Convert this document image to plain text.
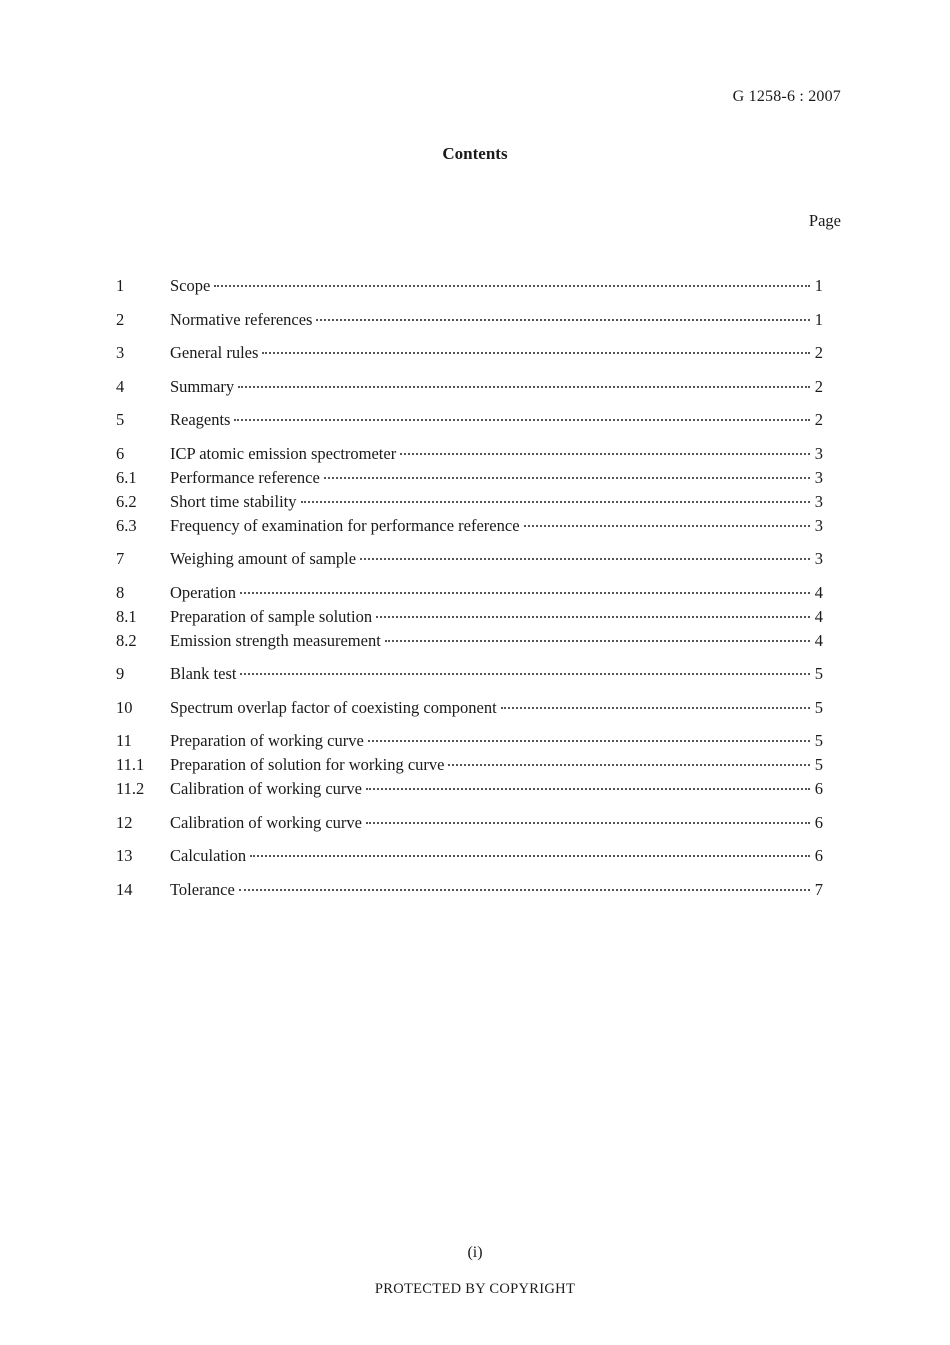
G 1258-6 : 2007
Contents
Page
1	Scope	1
2	Normative references	1
3	General rules	2
4	Summary	2
5	Reagents	2
6	ICP atomic emission spectrometer	3
6.1	Performance reference	3
6.2	Short time stability	3
6.3	Frequency of examination for performance reference	3
7	Weighing amount of sample	3
8	Operation	4
8.1	Preparation of sample solution	4
8.2	Emission strength measurement	4
9	Blank test	5
10	Spectrum overlap factor of coexisting component	5
11	Preparation of working curve	5
11.1	Preparation of solution for working curve	5
11.2	Calibration of working curve	6
12	Calibration of working curve	6
13	Calculation	6
14	Tolerance	7
(i)
PROTECTED BY COPYRIGHT
